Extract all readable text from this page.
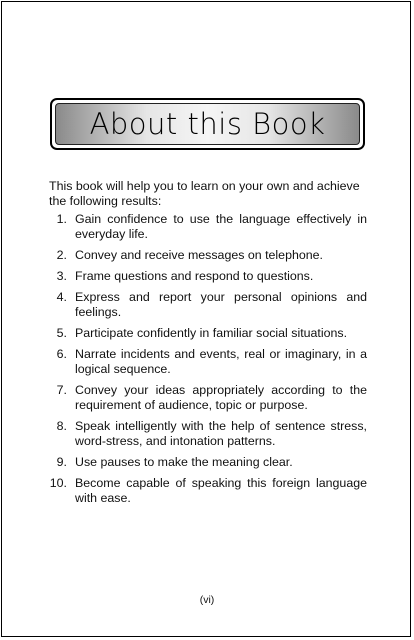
About this Book

This book will help you to learn on your own and achieve the following results:

1. Gain confidence to use the language effectively in everyday life.
2. Convey and receive messages on telephone.
3. Frame questions and respond to questions.
4. Express and report your personal opinions and feelings.
5. Participate confidently in familiar social situations.
6. Narrate incidents and events, real or imaginary, in a logical sequence.
7. Convey your ideas appropriately according to the requirement of audience, topic or purpose.
8. Speak intelligently with the help of sentence stress, word-stress, and intonation patterns.
9. Use pauses to make the meaning clear.
10. Become capable of speaking this foreign language with ease.
(vi)
